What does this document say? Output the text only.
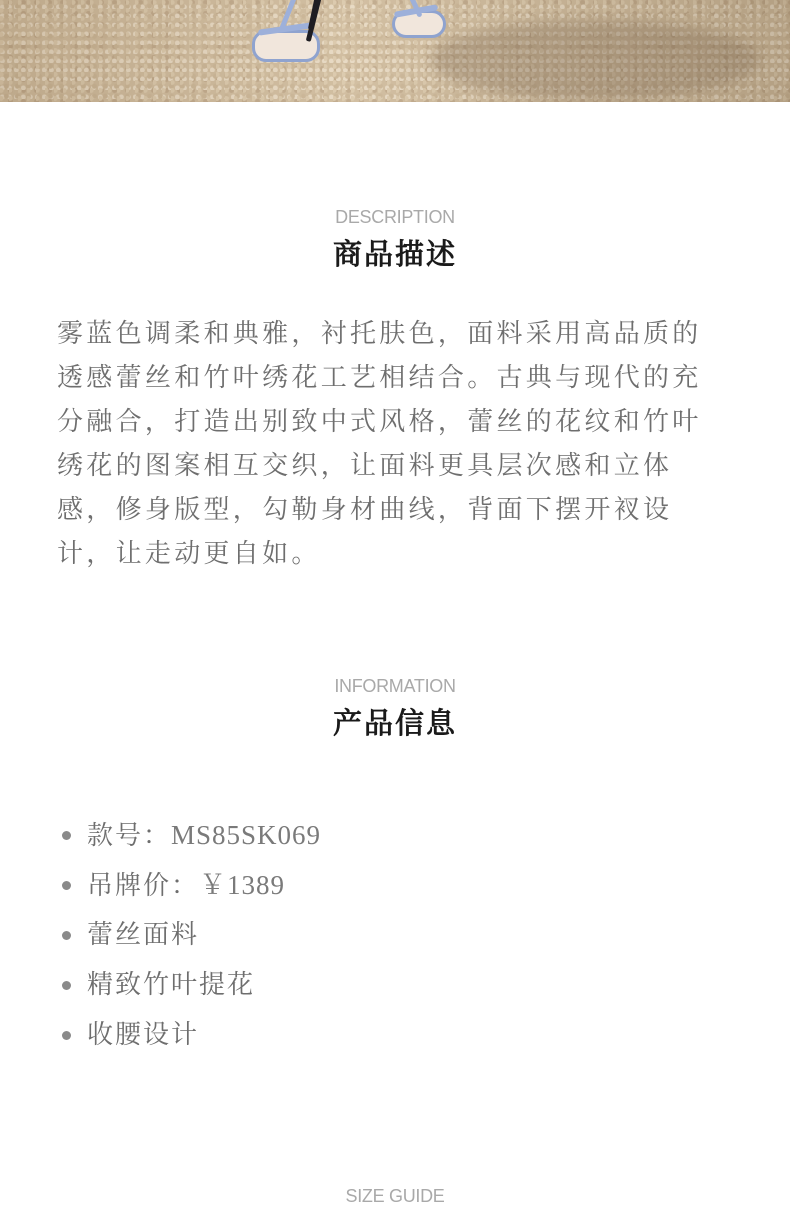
DESCRIPTION
商品描述
雾蓝色调柔和典雅，衬托肤色，面料采用高品质的
透感蕾丝和竹叶绣花工艺相结合。古典与现代的充
分融合，打造出别致中式风格，蕾丝的花纹和竹叶
绣花的图案相互交织，让面料更具层次感和立体
感，修身版型，勾勒身材曲线，背面下摆开衩设
计，让走动更自如。
INFORMATION
产品信息
款号：MS85SK069
吊牌价：￥1389
蕾丝面料
精致竹叶提花
收腰设计
SIZE GUIDE
